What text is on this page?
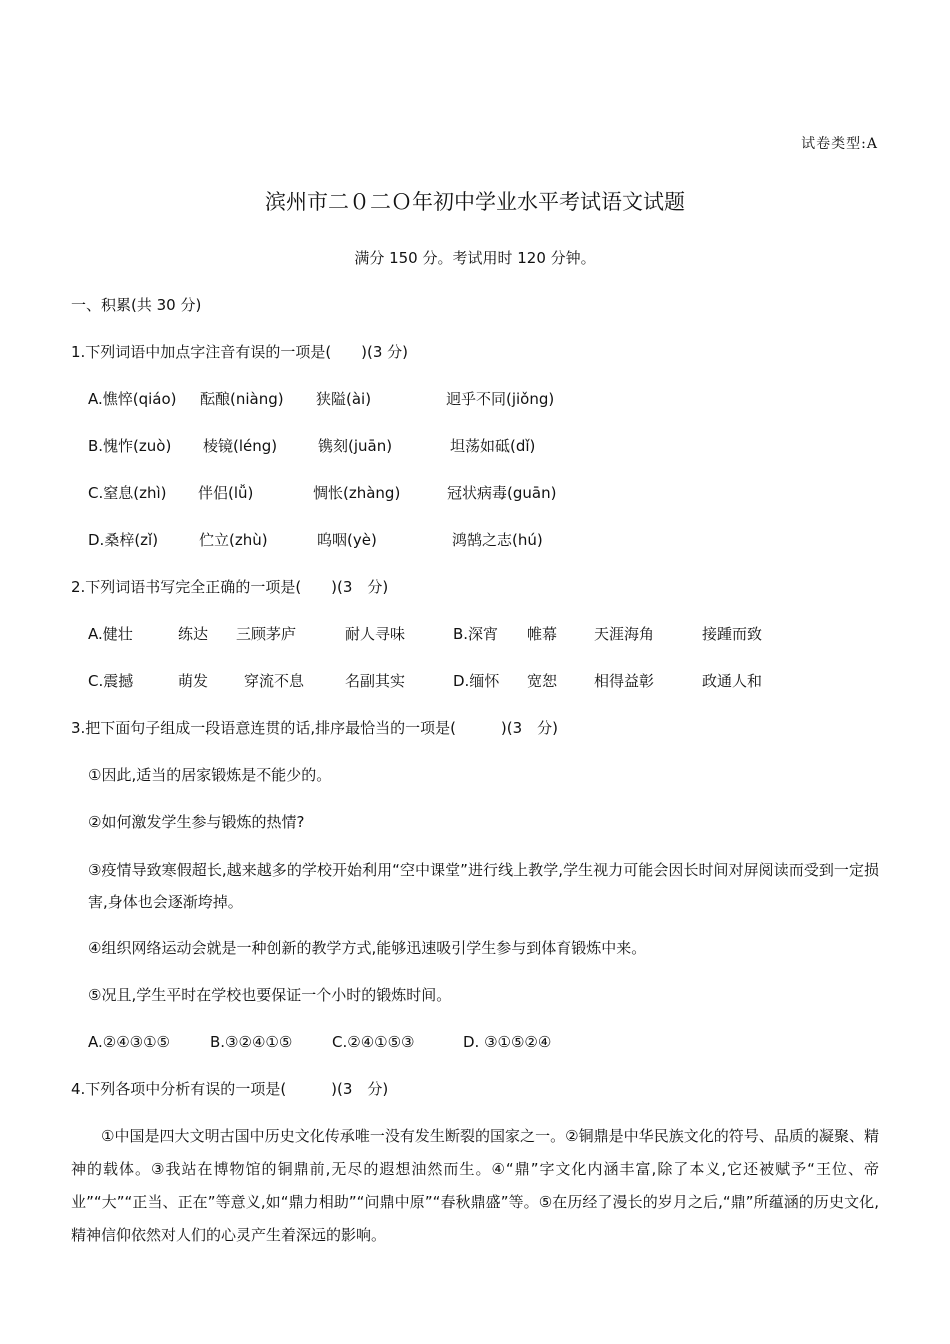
试卷类型:A
滨州市二０二Ｏ年初中学业水平考试语文试题
满分 150 分。考试用时 120 分钟。
一、积累(共 30 分)
1.下列词语中加点字注音有误的一项是(　　)(3 分)
A.憔悴(qiáo) 酝酿(niàng) 狭隘(ài)	迥乎不同(jiǒng)
B.愧怍(zuò) 棱镜(léng)	镌刻(juān)	坦荡如砥(dǐ)
C.窒息(zhì) 伴侣(lǚ)	惆怅(zhàng)	冠状病毒(guān)
D.桑梓(zǐ)	伫立(zhù)	呜咽(yè)	鸿鹄之志(hú)
2.下列词语书写完全正确的一项是(　　)(3　分)
A.健壮	练达 三顾茅庐	耐人寻味	B.深宵 帷幕 天涯海角	接踵而致
C.震撼	萌发 穿流不息	名副其实	D.缅怀 宽恕 相得益彰	政通人和
3.把下面句子组成一段语意连贯的话,排序最恰当的一项是(　　　)(3　分)
①因此,适当的居家锻炼是不能少的。
②如何激发学生参与锻炼的热情?
③疫情导致寒假超长,越来越多的学校开始利用“空中课堂”进行线上教学,学生视力可能会因长时间对屏阅读而受到一定损害,身体也会逐渐垮掉。
④组织网络运动会就是一种创新的教学方式,能够迅速吸引学生参与到体育锻炼中来。
⑤况且,学生平时在学校也要保证一个小时的锻炼时间。
A.②④③①⑤	B.③②④①⑤	C.②④①⑤③	D. ③①⑤②④
4.下列各项中分析有误的一项是(　　　)(3　分)
①中国是四大文明古国中历史文化传承唯一没有发生断裂的国家之一。②铜鼎是中华民族文化的符号、品质的凝聚、精神的载体。③我站在博物馆的铜鼎前,无尽的遐想油然而生。④“鼎”字文化内涵丰富,除了本义,它还被赋予“王位、帝业”“大”“正当、正在”等意义,如“鼎力相助”“问鼎中原”“春秋鼎盛”等。⑤在历经了漫长的岁月之后,“鼎”所蕴涵的历史文化,精神信仰依然对人们的心灵产生着深远的影响。
